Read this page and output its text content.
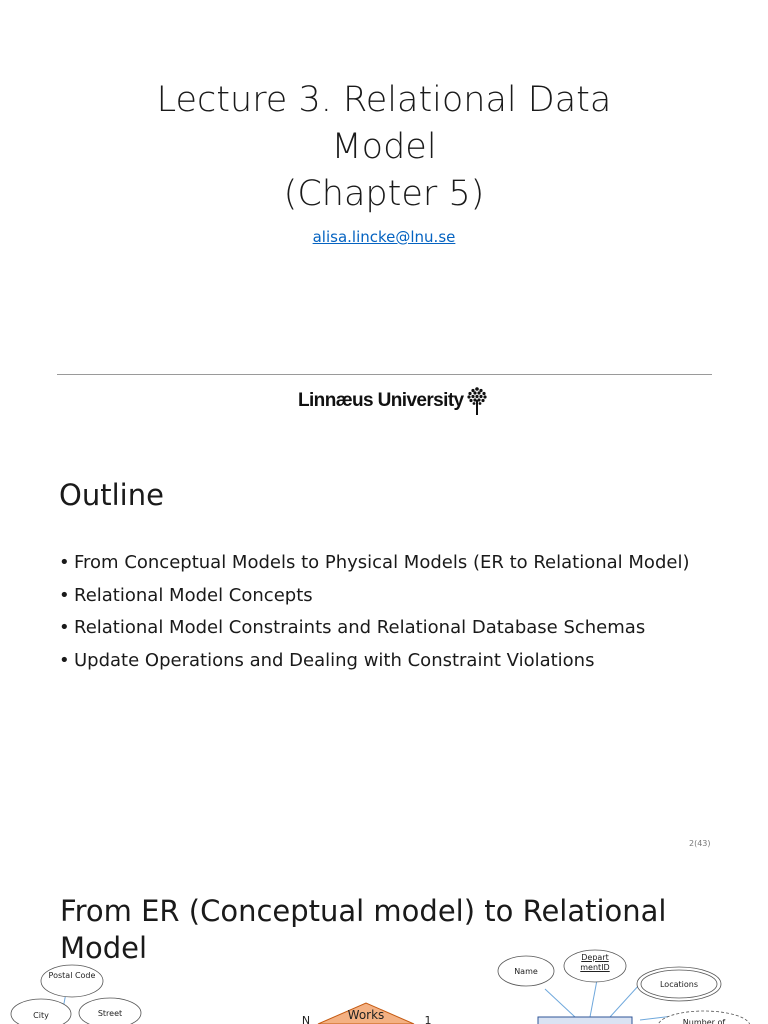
Lecture 3. Relational Data
Model
(Chapter 5)
alisa.lincke@lnu.se
Linnæus University
Outline
• From Conceptual Models to Physical Models (ER to Relational Model)
• Relational Model Concepts
• Relational Model Constraints and Relational Database Schemas
• Update Operations and Dealing with Constraint Violations
2(43)
From ER (Conceptual model) to Relational Model
Postal Code
City	Street	Works
N	1
Name
Depart mentID
Locations
Number of
